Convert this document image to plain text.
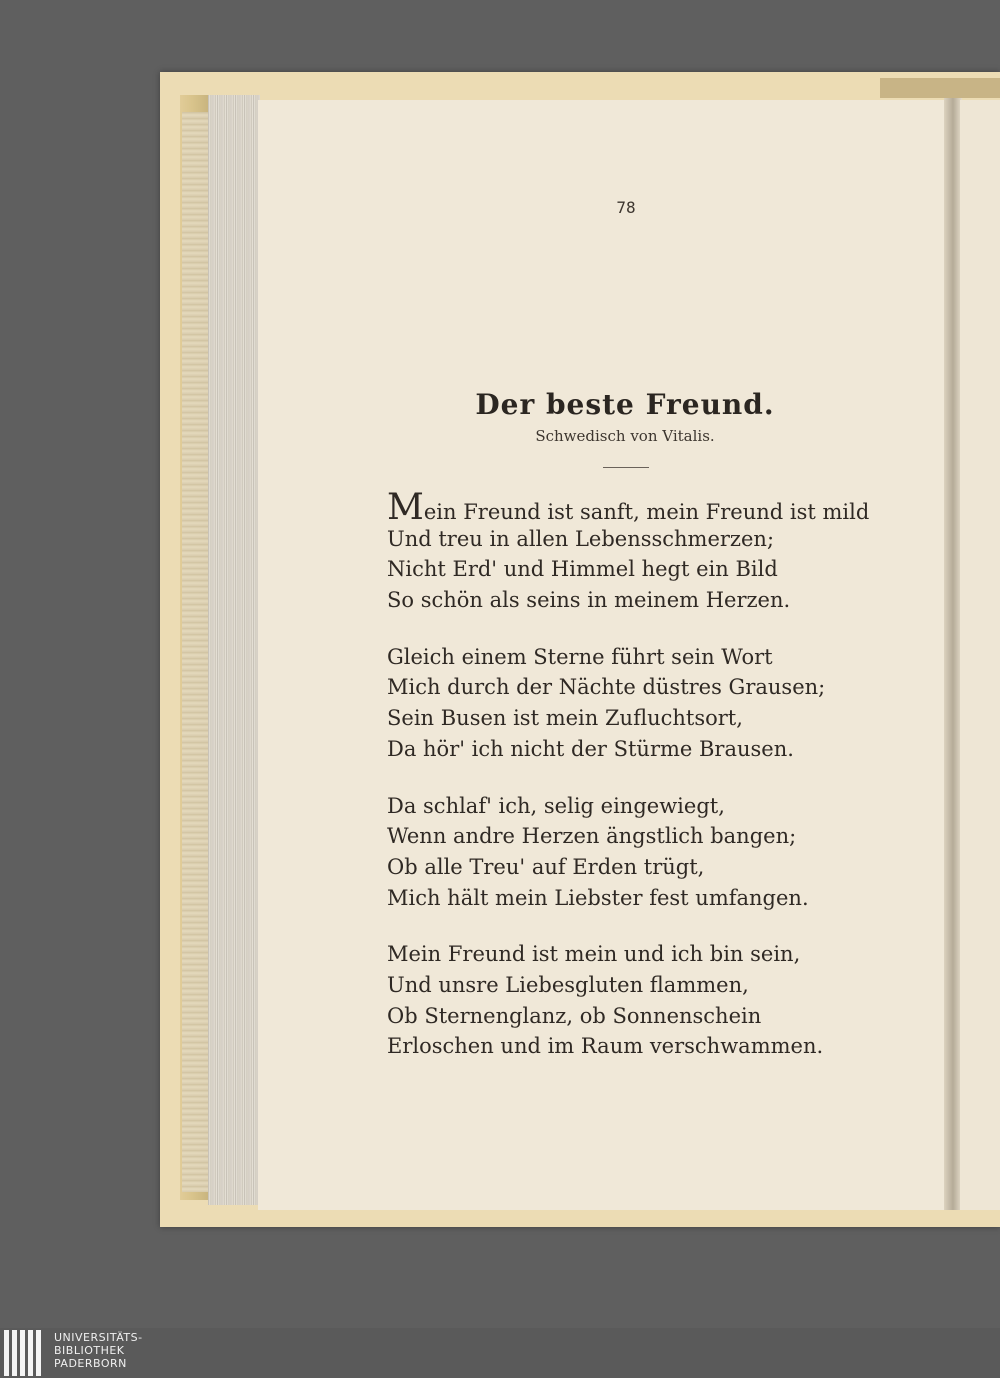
78
Der beste Freund.
Schwedisch von Vitalis.
Mein Freund ist sanft, mein Freund ist mild
Und treu in allen Lebensschmerzen;
Nicht Erd' und Himmel hegt ein Bild
So schön als seins in meinem Herzen.
Gleich einem Sterne führt sein Wort
Mich durch der Nächte düstres Grausen;
Sein Busen ist mein Zufluchtsort,
Da hör' ich nicht der Stürme Brausen.
Da schlaf' ich, selig eingewiegt,
Wenn andre Herzen ängstlich bangen;
Ob alle Treu' auf Erden trügt,
Mich hält mein Liebster fest umfangen.
Mein Freund ist mein und ich bin sein,
Und unsre Liebesgluten flammen,
Ob Sternenglanz, ob Sonnenschein
Erloschen und im Raum verschwammen.
UNIVERSITÄTS-
BIBLIOTHEK
PADERBORN
